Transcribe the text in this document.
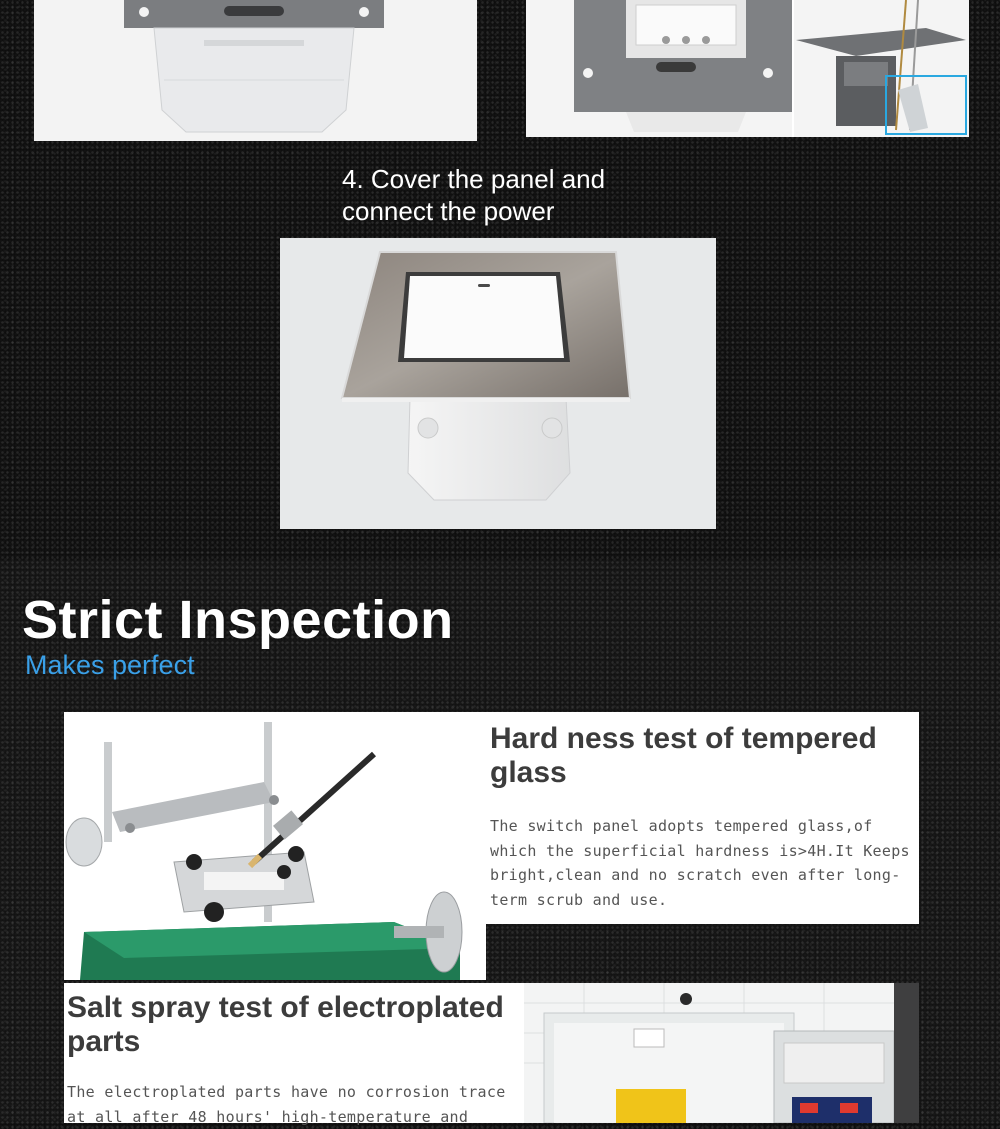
4. Cover the panel and connect the power
Strict Inspection
Makes perfect
Hard ness test of tempered glass
The switch panel adopts tempered glass,of which the superficial hardness is>4H.It Keeps bright,clean and no scratch even after long-term scrub and use.
Salt spray test of electroplated parts
The electroplated parts have no corrosion trace at all after 48 hours' high-temperature and
